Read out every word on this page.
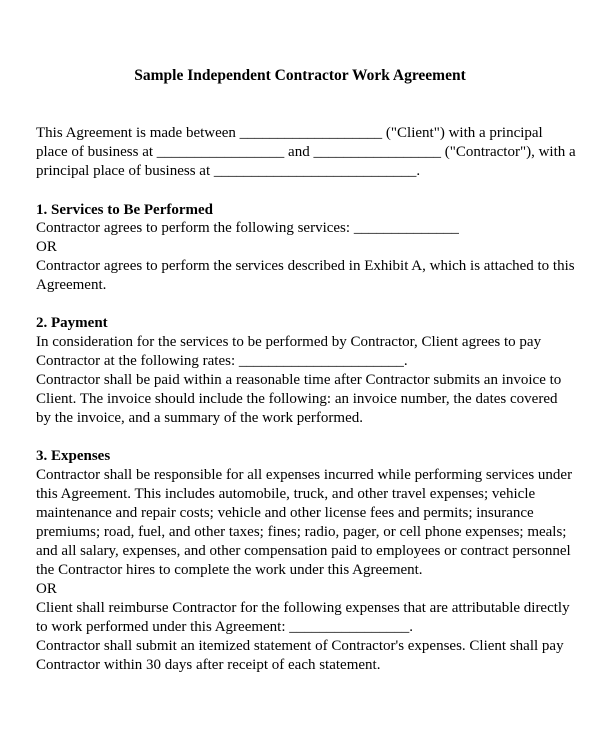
Sample Independent Contractor Work Agreement
This Agreement is made between ___________________ ("Client") with a principal
place of business at _________________ and _________________ ("Contractor"), with a
principal place of business at ___________________________.
1. Services to Be Performed
Contractor agrees to perform the following services: ______________
OR
Contractor agrees to perform the services described in Exhibit A, which is attached to this
Agreement.
2. Payment
In consideration for the services to be performed by Contractor, Client agrees to pay
Contractor at the following rates: ______________________.
Contractor shall be paid within a reasonable time after Contractor submits an invoice to
Client. The invoice should include the following: an invoice number, the dates covered
by the invoice, and a summary of the work performed.
3. Expenses
Contractor shall be responsible for all expenses incurred while performing services under
this Agreement. This includes automobile, truck, and other travel expenses; vehicle
maintenance and repair costs; vehicle and other license fees and permits; insurance
premiums; road, fuel, and other taxes; fines; radio, pager, or cell phone expenses; meals;
and all salary, expenses, and other compensation paid to employees or contract personnel
the Contractor hires to complete the work under this Agreement.
OR
Client shall reimburse Contractor for the following expenses that are attributable directly
to work performed under this Agreement: ________________.
Contractor shall submit an itemized statement of Contractor's expenses. Client shall pay
Contractor within 30 days after receipt of each statement.
